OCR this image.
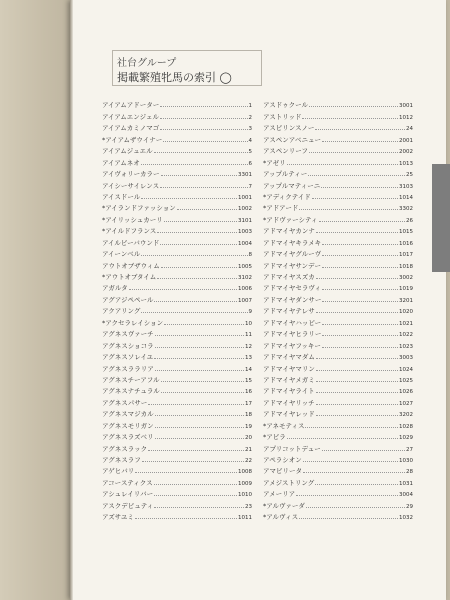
社台グループ
掲載繁殖牝馬の索引 ◯
アイアムアドーター	1
アイアムエンジェル	2
アイアムカミノマゴ	3
*アイアムザウイナー	4
アイアムジュエル	5
アイアムネオ	6
アイヴォリーカラー	3301
アイシーサイレンス	7
アイスドール	1001
*アイランドファッション	1002
*アイリッシュカーリ	3101
*アイルドフランス	1003
アイルビーバウンド	1004
アイーンベル	8
アウトオブザウィム	1005
*アウトオブタイム	3102
アガルタ	1006
アグアジペペール	1007
アクアリング	9
*アクセラレイション	10
アグネスヴァーチ	11
アグネスショコラ	12
アグネスソレイユ	13
アグネスララリア	14
アグネスチーアフル	15
アグネスナチュラル	16
アグネスパサー	17
アグネスマジカル	18
アグネスモリガン	19
アグネスラズベリ	20
アグネスラック	21
アグネスラフ	22
アゲヒバリ	1008
アコースティクス	1009
アシュレイリバー	1010
アスクデピュティ	23
アズサユミ	1011
アスドゥクール	3001
アストリッド	1012
アスピリンスノー	24
アスペンアベニュー	2001
アスペンリーフ	2002
*アゼリ	1013
アップルティー	25
アップルマティーニ	3103
*アディクテイド	1014
*アドアード	3302
*アドヴァーシティ	26
アドマイヤカンナ	1015
アドマイヤキラメキ	1016
アドマイヤグルーヴ	1017
アドマイヤサンデー	1018
アドマイヤスズカ	3002
アドマイヤセラヴィ	1019
アドマイヤダンサー	3201
アドマイヤテレサ	1020
アドマイヤハッピー	1021
アドマイヤヒラリー	1022
アドマイヤフッキー	1023
アドマイヤマダム	3003
アドマイヤマリン	1024
アドマイヤメガミ	1025
アドマイヤライト	1026
アドマイヤリッチ	1027
アドマイヤレッド	3202
*アネモティス	1028
*アビラ	1029
アプリコットデュー	27
アペラシオン	1030
アマビリータ	28
アメジストリング	1031
アメーリア	3004
*アルヴァーダ	29
*アルヴィス	1032
